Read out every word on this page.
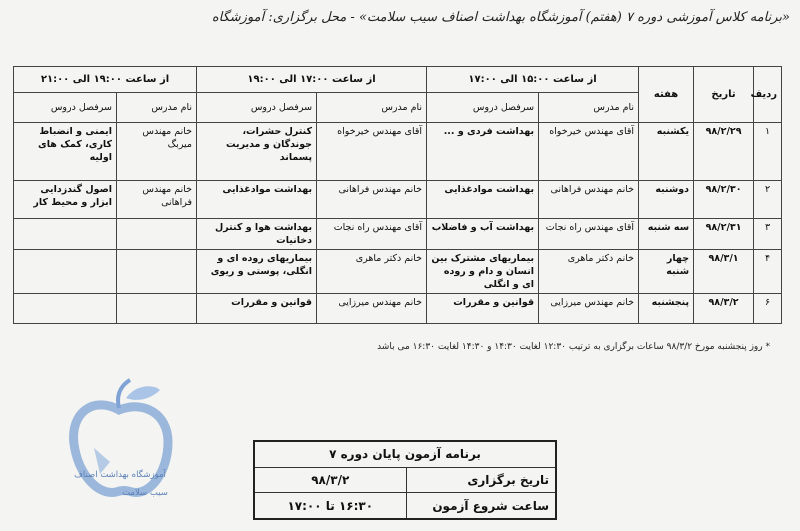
«برنامه کلاس آموزشی دوره ۷ (هفتم) آموزشگاه بهداشت اصناف سیب سلامت» - محل برگزاری: آموزشگاه
ردیف	تاریخ	هفته	از ساعت ۱۵:۰۰ الی ۱۷:۰۰		از ساعت ۱۷:۰۰ الی ۱۹:۰۰		از ساعت ۱۹:۰۰ الی ۲۱:۰۰	
			نام مدرس	سرفصل دروس	نام مدرس	سرفصل دروس	نام مدرس	سرفصل دروس
۱	۹۸/۲/۲۹	یکشنبه	آقای مهندس خیرخواه	بهداشت فردی و ...	آقای مهندس خیرخواه	کنترل حشرات، جوندگان و مدیریت پسماند	خانم مهندس میربگ	ایمنی و انضباط کاری، کمک های اولیه
۲	۹۸/۲/۳۰	دوشنبه	خانم مهندس فراهانی	بهداشت موادغذایی	خانم مهندس فراهانی	بهداشت موادغذایی	خانم مهندس فراهانی	اصول گندزدایی ابزار و محیط کار
۳	۹۸/۲/۳۱	سه شنبه	آقای مهندس راه نجات	بهداشت آب و فاضلاب	آقای مهندس راه نجات	بهداشت هوا و کنترل دخانیات		
۴	۹۸/۳/۱	چهار شنبه	خانم دکتر ماهری	بیماریهای مشترک بین انسان و دام و روده ای و انگلی	خانم دکتر ماهری	بیماریهای روده ای و انگلی، پوستی و ریوی		
۶	۹۸/۳/۲	پنجشنبه	خانم مهندس میرزایی	قوانین و مقررات	خانم مهندس میرزایی	قوانین و مقررات		
* روز پنجشنبه مورخ ۹۸/۳/۲ ساعات برگزاری به ترتیب ۱۲:۳۰ لغایت ۱۴:۳۰ و ۱۴:۳۰ لغایت ۱۶:۳۰ می باشد
آموزشگاه بهداشت اصناف
سیب سلامت
برنامه آزمون پایان دوره ۷	
تاریخ برگزاری	۹۸/۳/۲
ساعت شروع آزمون	۱۶:۳۰ تا ۱۷:۰۰
